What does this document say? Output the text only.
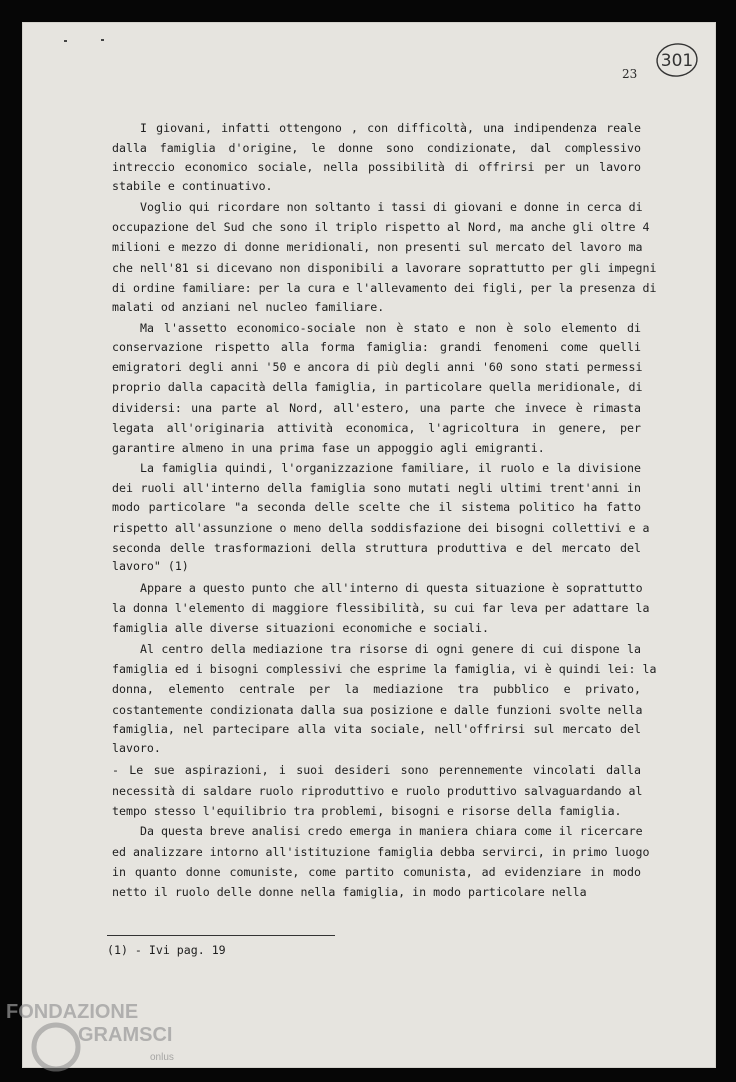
23
301
I giovani, infatti ottengono , con difficoltà, una indipendenza reale
dalla famiglia d'origine, le donne sono condizionate, dal complessivo
intreccio economico sociale, nella possibilità di offrirsi per un lavoro
stabile e continuativo.
Voglio qui ricordare non soltanto i tassi di giovani e donne in cerca di
occupazione del Sud che sono il triplo rispetto al Nord, ma anche gli oltre 4
milioni e mezzo di donne meridionali, non presenti sul mercato del lavoro ma
che nell'81 si dicevano non disponibili a lavorare soprattutto per gli impegni
di ordine familiare: per la cura e l'allevamento dei figli, per la presenza di
malati od anziani nel nucleo familiare.
Ma l'assetto economico-sociale non è stato e non è solo elemento di
conservazione rispetto alla forma famiglia: grandi fenomeni come quelli
emigratori degli anni '50 e ancora di più degli anni '60 sono stati permessi
proprio dalla capacità della famiglia, in particolare quella meridionale, di
dividersi: una parte al Nord, all'estero, una parte che invece è rimasta
legata all'originaria attività economica, l'agricoltura in genere, per
garantire almeno in una prima fase un appoggio agli emigranti.
La famiglia quindi, l'organizzazione familiare, il ruolo e la divisione
dei ruoli all'interno della famiglia sono mutati negli ultimi trent'anni in
modo particolare "a seconda delle scelte che il sistema politico ha fatto
rispetto all'assunzione o meno della soddisfazione dei bisogni collettivi e a
seconda delle trasformazioni della struttura produttiva e del mercato del
lavoro" (1)
Appare a questo punto che all'interno di questa situazione è soprattutto
la donna l'elemento di maggiore flessibilità, su cui far leva per adattare la
famiglia alle diverse situazioni economiche e sociali.
Al centro della mediazione tra risorse di ogni genere di cui dispone la
famiglia ed i bisogni complessivi che esprime la famiglia, vi è quindi lei: la
donna, elemento centrale per la mediazione tra pubblico e privato,
costantemente condizionata dalla sua posizione e dalle funzioni svolte nella
famiglia, nel partecipare alla vita sociale, nell'offrirsi sul mercato del
lavoro.
- Le sue aspirazioni, i suoi desideri sono perennemente vincolati dalla
necessità di saldare ruolo riproduttivo e ruolo produttivo salvaguardando al
tempo stesso l'equilibrio tra problemi, bisogni e risorse della famiglia.
Da questa breve analisi credo emerga in maniera chiara come il ricercare
ed analizzare intorno all'istituzione famiglia debba servirci, in primo luogo
in quanto donne comuniste, come partito comunista, ad evidenziare in modo
netto il ruolo delle donne nella famiglia, in modo particolare nella
(1) - Ivi pag. 19
FONDAZIONE
GRAMSCI
onlus
